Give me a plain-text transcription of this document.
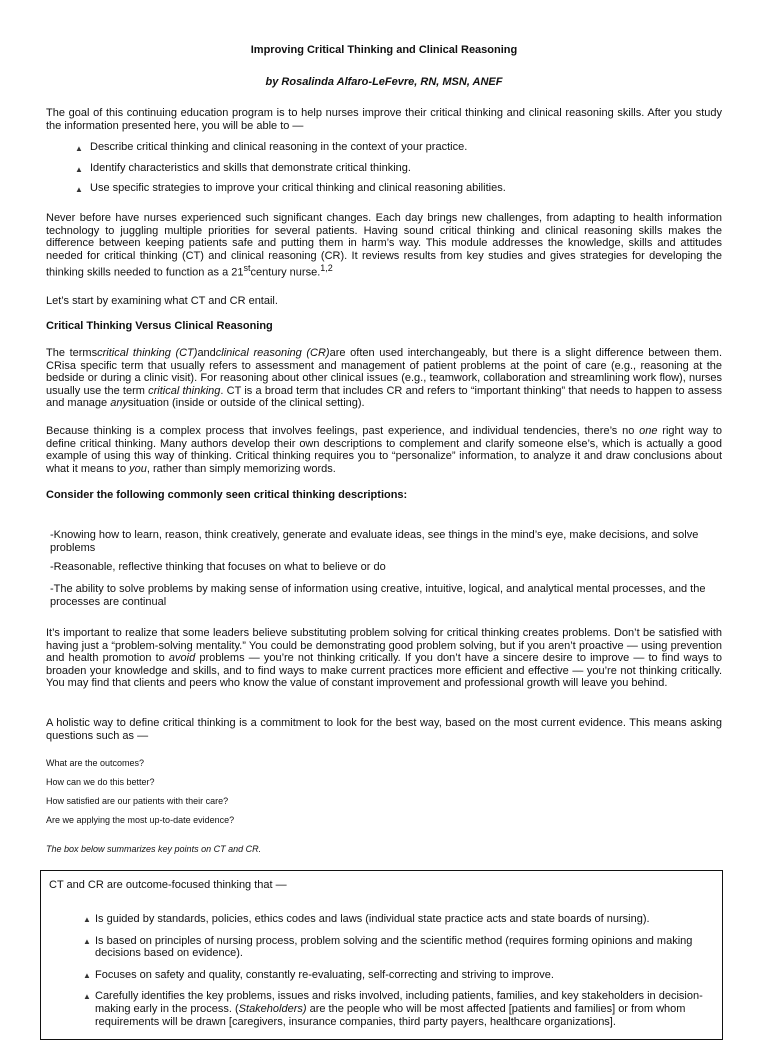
Improving Critical Thinking and Clinical Reasoning
by Rosalinda Alfaro-LeFevre, RN, MSN, ANEF

The goal of this continuing education program is to help nurses improve their critical thinking and clinical reasoning skills. After you study the information presented here, you will be able to —

▲ Describe critical thinking and clinical reasoning in the context of your practice.
▲ Identify characteristics and skills that demonstrate critical thinking.
▲ Use specific strategies to improve your critical thinking and clinical reasoning abilities.

Never before have nurses experienced such significant changes. Each day brings new challenges, from adapting to health information technology to juggling multiple priorities for several patients. Having sound critical thinking and clinical reasoning skills makes the difference between keeping patients safe and putting them in harm’s way. This module addresses the knowledge, skills and attitudes needed for critical thinking (CT) and clinical reasoning (CR). It reviews results from key studies and gives strategies for developing the thinking skills needed to function as a 21stcentury nurse.$^{1,2}$

Let’s start by examining what CT and CR entail.

Critical Thinking Versus Clinical Reasoning

The termscritical thinking (CT)andclinical reasoning (CR)are often used interchangeably, but there is a slight difference between them. CRisa specific term that usually refers to assessment and management of patient problems at the point of care (e.g., reasoning at the bedside or during a clinic visit). For reasoning about other clinical issues (e.g., teamwork, collaboration and streamlining work flow), nurses usually use the term critical thinking. CT is a broad term that includes CR and refers to “important thinking” that needs to happen to assess and manage anysituation (inside or outside of the clinical setting).

Because thinking is a complex process that involves feelings, past experience, and individual tendencies, there’s no one right way to define critical thinking. Many authors develop their own descriptions to complement and clarify someone else’s, which is actually a good example of using this way of thinking. Critical thinking requires you to “personalize” information, to analyze it and draw conclusions about what it means to you, rather than simply memorizing words.

Consider the following commonly seen critical thinking descriptions:

-Knowing how to learn, reason, think creatively, generate and evaluate ideas, see things in the mind’s eye, make decisions, and solve problems

-Reasonable, reflective thinking that focuses on what to believe or do

-The ability to solve problems by making sense of information using creative, intuitive, logical, and analytical mental processes, and the processes are continual

It’s important to realize that some leaders believe substituting problem solving for critical thinking creates problems. Don’t be satisfied with having just a “problem-solving mentality.” You could be demonstrating good problem solving, but if you aren’t proactive — using prevention and health promotion to avoid problems — you’re not thinking critically. If you don’t have a sincere desire to improve — to find ways to broaden your knowledge and skills, and to find ways to make current practices more efficient and effective — you’re not thinking critically. You may find that clients and peers who know the value of constant improvement and professional growth will leave you behind.

A holistic way to define critical thinking is a commitment to look for the best way, based on the most current evidence. This means asking questions such as —

What are the outcomes?

How can we do this better?

How satisfied are our patients with their care?

Are we applying the most up-to-date evidence?

The box below summarizes key points on CT and CR.

CT and CR are outcome-focused thinking that —

▲ Is guided by standards, policies, ethics codes and laws (individual state practice acts and state boards of nursing).
▲ Is based on principles of nursing process, problem solving and the scientific method (requires forming opinions and making decisions based on evidence).
▲ Focuses on safety and quality, constantly re-evaluating, self-correcting and striving to improve.
▲ Carefully identifies the key problems, issues and risks involved, including patients, families, and key stakeholders in decision-making early in the process. (Stakeholders) are the people who will be most affected [patients and families] or from whom requirements will be drawn [caregivers, insurance companies, third party payers, healthcare organizations].
